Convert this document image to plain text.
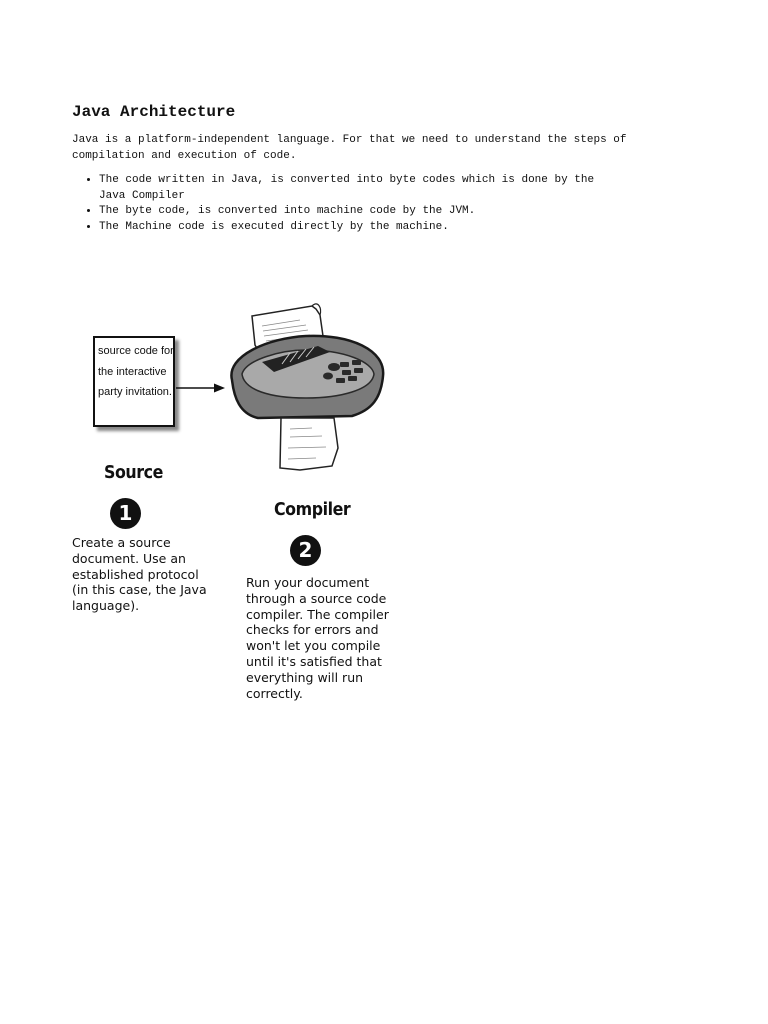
Java Architecture

Java is a platform-independent language. For that we need to understand the steps of
compilation and execution of code.

• The code written in Java, is converted into byte codes which is done by the
Java Compiler
• The byte code, is converted into machine code by the JVM.
• The Machine code is executed directly by the machine.
source code for
the interactive
party invitation.
Source
1

Create a source
document. Use an
established protocol
(in this case, the Java
language).

Compiler
2

Run your document
through a source code
compiler. The compiler
checks for errors and
won't let you compile
until it's satisfied that
everything will run
correctly.
